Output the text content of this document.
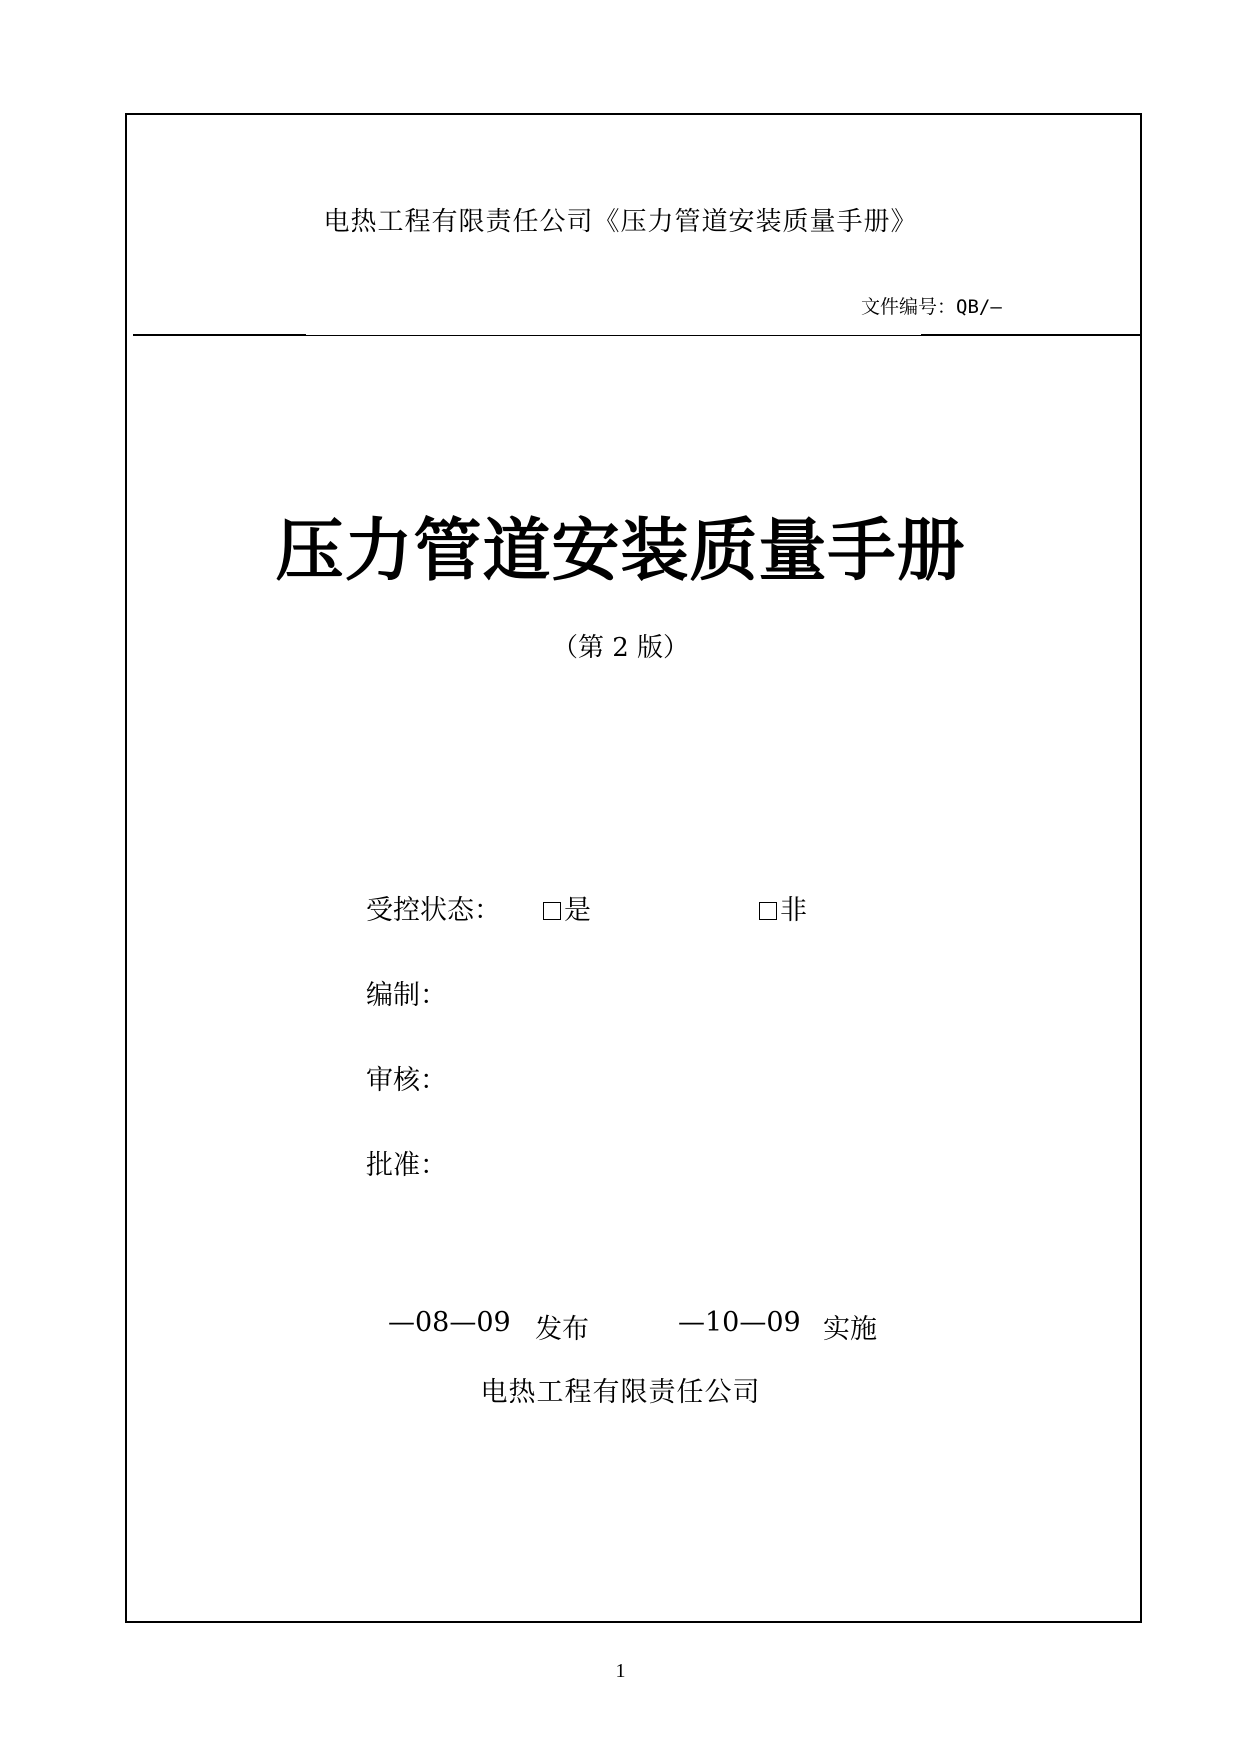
电热工程有限责任公司《压力管道安装质量手册》
文件编号：QB/—
压力管道安装质量手册
（第 2 版）
受控状态：	是	非
编制：
审核：
批准：
—08—09 发布	—10—09 实施
电热工程有限责任公司
1
